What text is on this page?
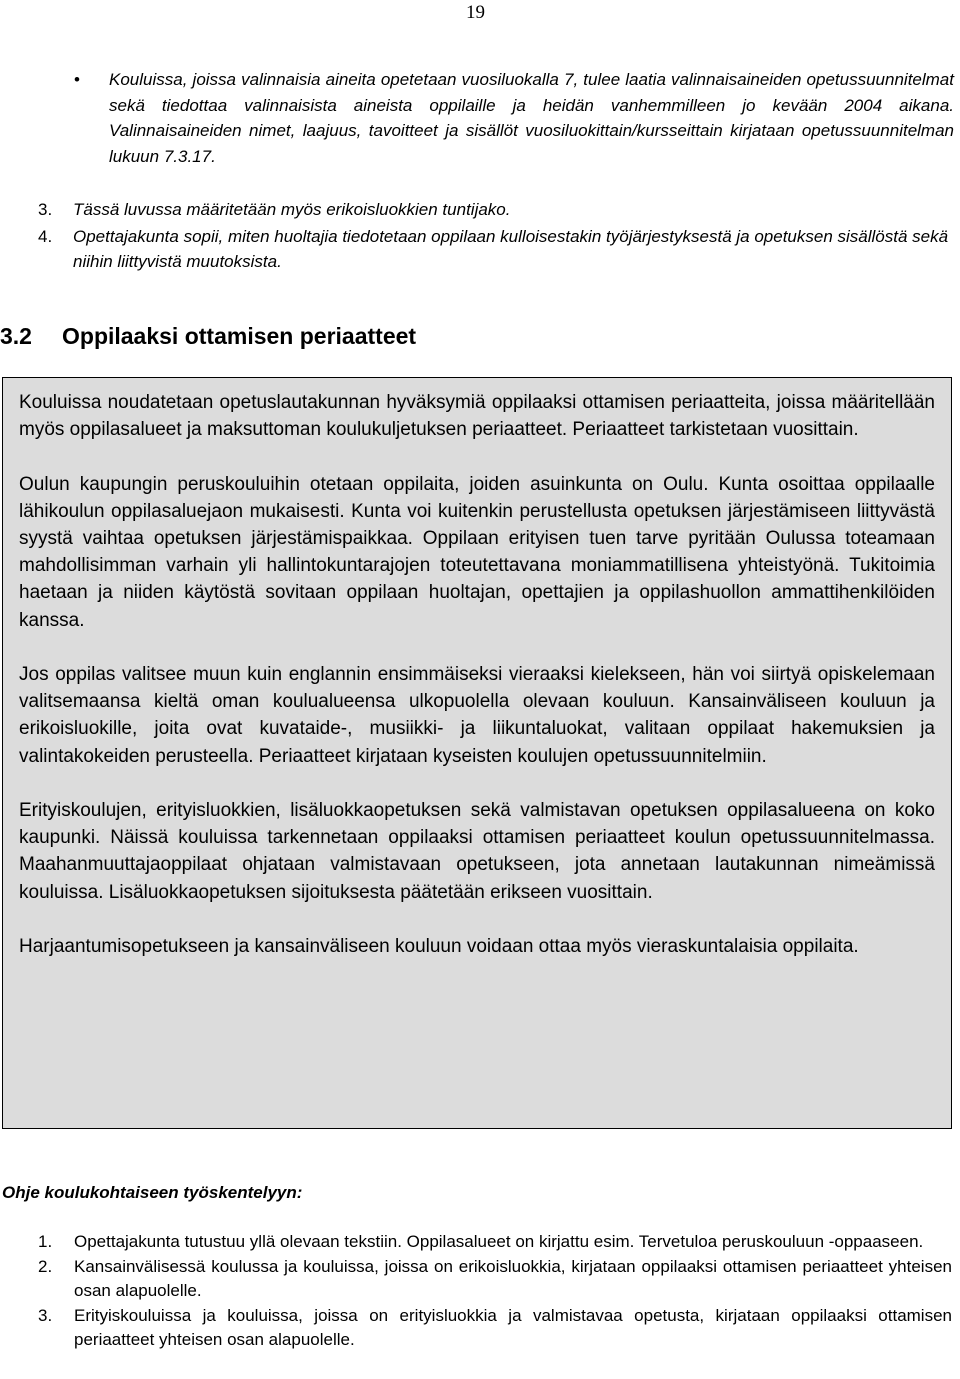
19
• Kouluissa, joissa valinnaisia aineita opetetaan vuosiluokalla 7, tulee laatia valinnaisaineiden opetussuunnitelmat sekä tiedottaa valinnaisista aineista oppilaille ja heidän vanhemmilleen jo kevään 2004 aikana. Valinnaisaineiden nimet, laajuus, tavoitteet ja sisällöt vuosiluokittain/kursseittain kirjataan opetussuunnitelman lukuun 7.3.17.
3. Tässä luvussa määritetään myös erikoisluokkien tuntijako.
4. Opettajakunta sopii, miten huoltajia tiedotetaan oppilaan kulloisestakin työjärjestyksestä ja opetuksen sisällöstä sekä niihin liittyvistä muutoksista.
3.2 Oppilaaksi ottamisen periaatteet

Kouluissa noudatetaan opetuslautakunnan hyväksymiä oppilaaksi ottamisen periaatteita, joissa määritellään myös oppilasalueet ja maksuttoman koulukuljetuksen periaatteet. Periaatteet tarkistetaan vuosittain.

Oulun kaupungin peruskouluihin otetaan oppilaita, joiden asuinkunta on Oulu. Kunta osoittaa oppilaalle lähikoulun oppilasaluejaon mukaisesti. Kunta voi kuitenkin perustellusta opetuksen järjestämiseen liittyvästä syystä vaihtaa opetuksen järjestämispaikkaa. Oppilaan erityisen tuen tarve pyritään Oulussa toteamaan mahdollisimman varhain yli hallintokuntarajojen toteutettavana moniammatillisena yhteistyönä. Tukitoimia haetaan ja niiden käytöstä sovitaan oppilaan huoltajan, opettajien ja oppilashuollon ammattihenkilöiden kanssa.

Jos oppilas valitsee muun kuin englannin ensimmäiseksi vieraaksi kielekseen, hän voi siirtyä opiskelemaan valitsemaansa kieltä oman koulualueensa ulkopuolella olevaan kouluun. Kansainväliseen kouluun ja erikoisluokille, joita ovat kuvataide-, musiikki- ja liikuntaluokat, valitaan oppilaat hakemuksien ja valintakokeiden perusteella. Periaatteet kirjataan kyseisten koulujen opetussuunnitelmiin.

Erityiskoulujen, erityisluokkien, lisäluokkaopetuksen sekä valmistavan opetuksen oppilasalueena on koko kaupunki. Näissä kouluissa tarkennetaan oppilaaksi ottamisen periaatteet koulun opetussuunnitelmassa. Maahanmuuttajaoppilaat ohjataan valmistavaan opetukseen, jota annetaan lautakunnan nimeämissä kouluissa. Lisäluokkaopetuksen sijoituksesta päätetään erikseen vuosittain.

Harjaantumisopetukseen ja kansainväliseen kouluun voidaan ottaa myös vieraskuntalaisia oppilaita.

Ohje koulukohtaiseen työskentelyyn:
1. Opettajakunta tutustuu yllä olevaan tekstiin. Oppilasalueet on kirjattu esim. Tervetuloa peruskouluun -oppaaseen.
2. Kansainvälisessä koulussa ja kouluissa, joissa on erikoisluokkia, kirjataan oppilaaksi ottamisen periaatteet yhteisen osan alapuolelle.
3. Erityiskouluissa ja kouluissa, joissa on erityisluokkia ja valmistavaa opetusta, kirjataan oppilaaksi ottamisen periaatteet yhteisen osan alapuolelle.
